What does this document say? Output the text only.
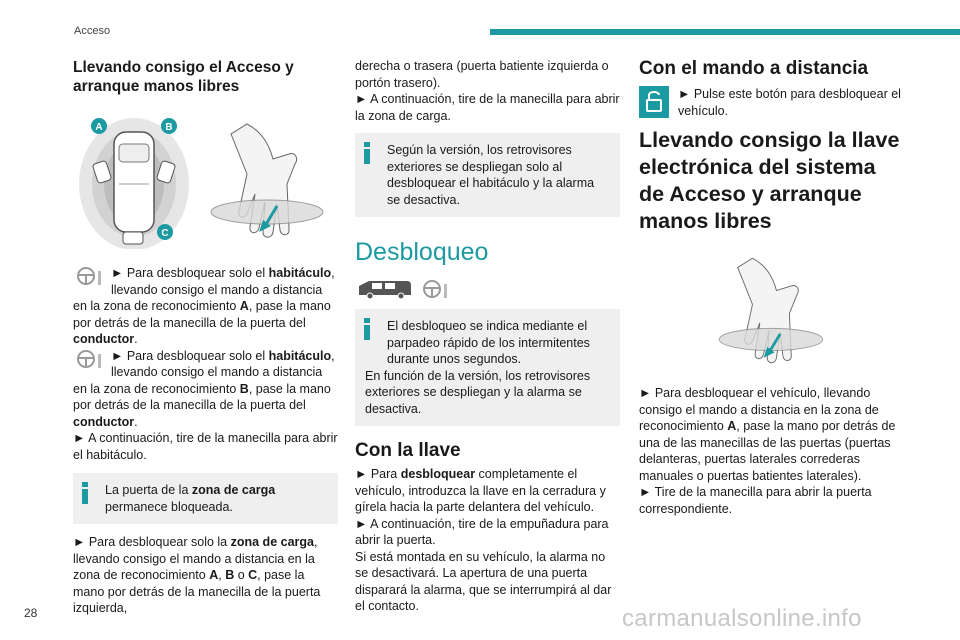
Acceso

Llevando consigo el Acceso y arranque manos libres

A	B
C

► Para desbloquear solo el habitáculo, llevando consigo el mando a distancia en la zona de reconocimiento A, pase la mano por detrás de la manecilla de la puerta del conductor.

► Para desbloquear solo el habitáculo, llevando consigo el mando a distancia en la zona de reconocimiento B, pase la mano por detrás de la manecilla de la puerta del conductor.

► A continuación, tire de la manecilla para abrir el habitáculo.

La puerta de la zona de carga permanece bloqueada.

► Para desbloquear solo la zona de carga, llevando consigo el mando a distancia en la zona de reconocimiento A, B o C, pase la mano por detrás de la manecilla de la puerta izquierda,

derecha o trasera (puerta batiente izquierda o portón trasero).

► A continuación, tire de la manecilla para abrir la zona de carga.

Según la versión, los retrovisores exteriores se despliegan solo al desbloquear el habitáculo y la alarma se desactiva.

Desbloqueo

El desbloqueo se indica mediante el parpadeo rápido de los intermitentes durante unos segundos.

En función de la versión, los retrovisores exteriores se despliegan y la alarma se desactiva.

Con la llave

► Para desbloquear completamente el vehículo, introduzca la llave en la cerradura y gírela hacia la parte delantera del vehículo.

► A continuación, tire de la empuñadura para abrir la puerta.

Si está montada en su vehículo, la alarma no se desactivará. La apertura de una puerta disparará la alarma, que se interrumpirá al dar el contacto.

Con el mando a distancia

► Pulse este botón para desbloquear el vehículo.

Llevando consigo la llave electrónica del sistema de Acceso y arranque manos libres

► Para desbloquear el vehículo, llevando consigo el mando a distancia en la zona de reconocimiento A, pase la mano por detrás de una de las manecillas de las puertas (puertas delanteras, puertas laterales correderas manuales o puertas batientes laterales).

► Tire de la manecilla para abrir la puerta correspondiente.

28	carmanualsonline.info
